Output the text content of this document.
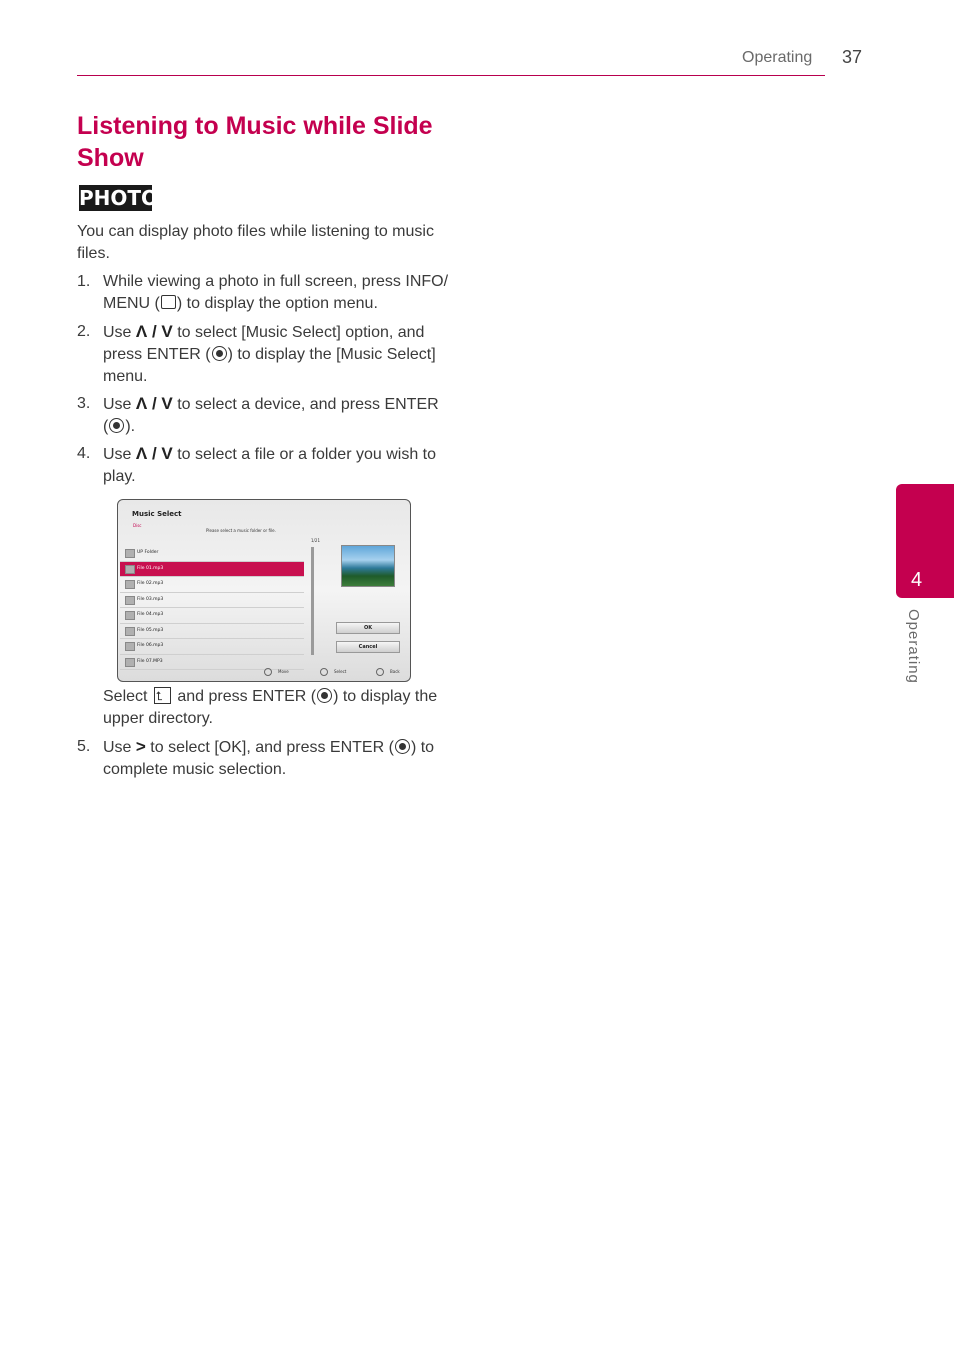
Operating 37
Listening to Music while Slide Show
PHOTO
You can display photo files while listening to music files.
1. While viewing a photo in full screen, press INFO/
MENU ( ) to display the option menu.
2. Use Λ / V to select [Music Select] option, and
press ENTER ( ) to display the [Music Select]
menu.
3. Use Λ / V to select a device, and press ENTER
( ).
4. Use Λ / V to select a file or a folder you wish to
play.
Music Select
Disc
Please select a music folder or file.
1/21
UP Folder
File 01.mp3
File 02.mp3
File 03.mp3
File 04.mp3
File 05.mp3
File 06.mp3
File 07.MP3
OK
Cancel
Move	Select	Back
Select ⮤ and press ENTER ( ) to display the
upper directory.
5. Use > to select [OK], and press ENTER ( ) to
complete music selection.
4
Operating
